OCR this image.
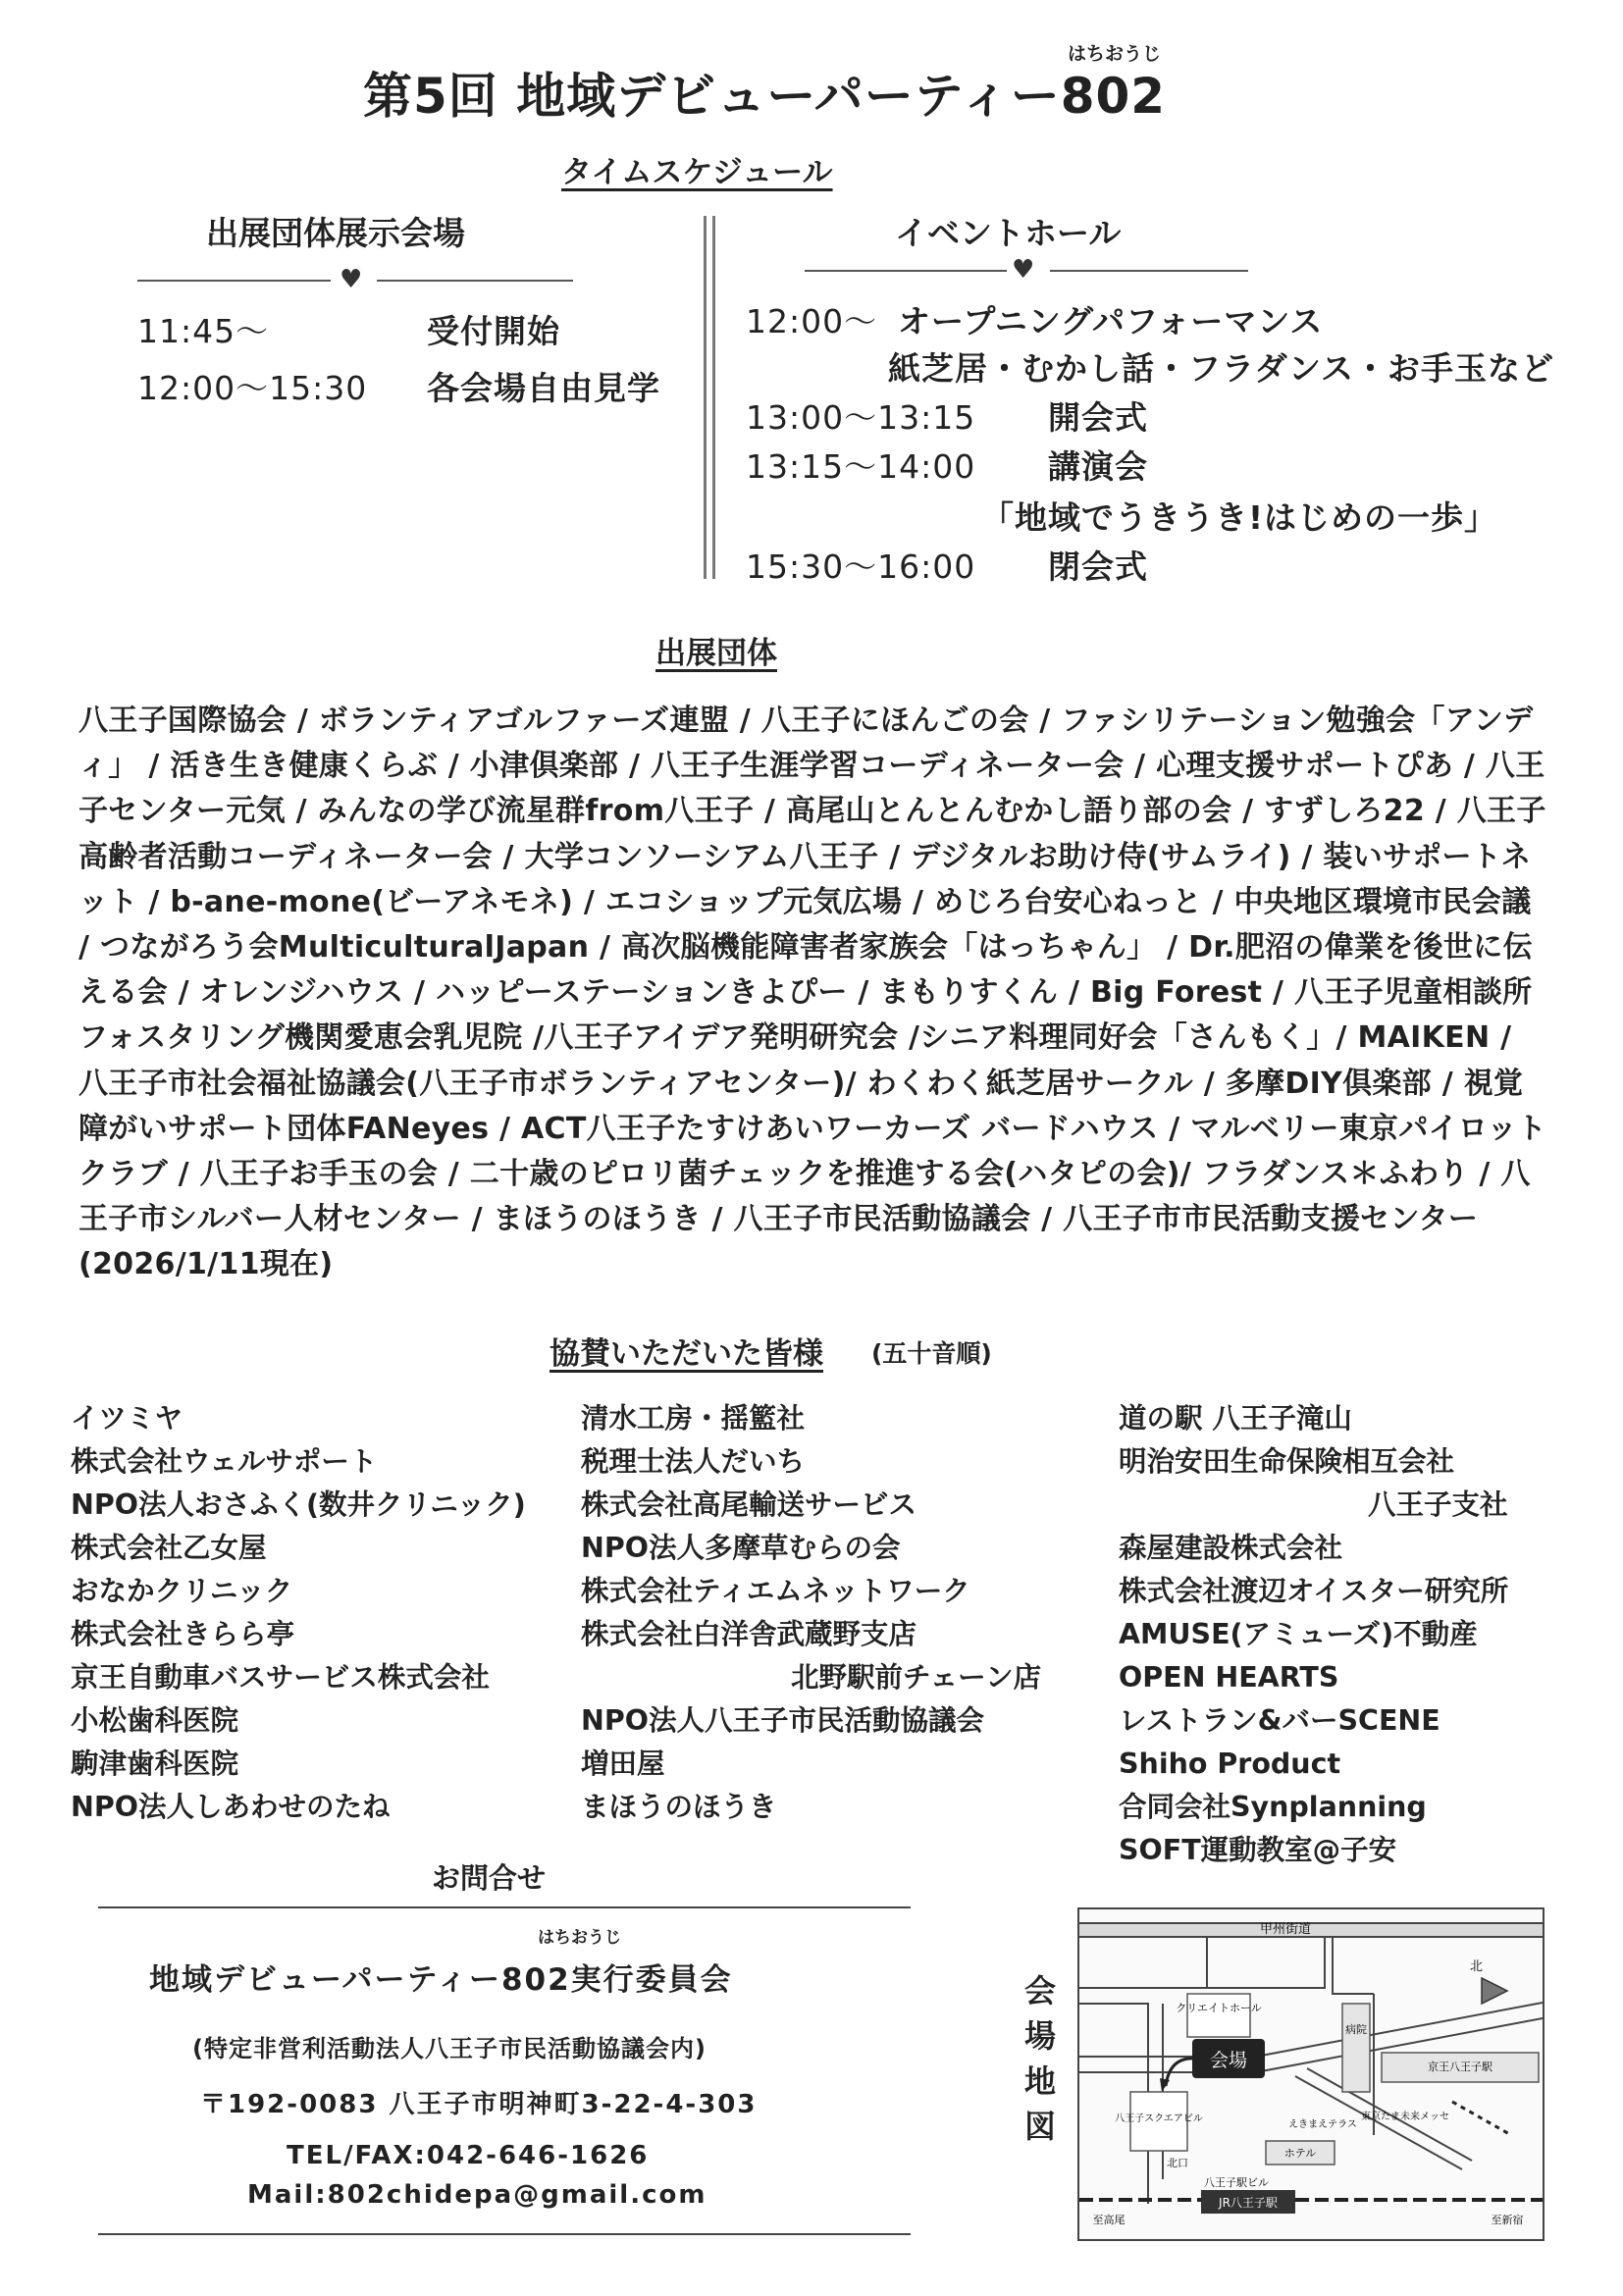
はちおうじ
第5回 地域デビューパーティー802
タイムスケジュール
出展団体展示会場
♥
11:45～	受付開始
12:00～15:30 各会場自由見学
イベントホール
♥
12:00～ オープニングパフォーマンス
紙芝居・むかし話・フラダンス・お手玉など
13:00～13:15 開会式
13:15～14:00 講演会
「地域でうきうき!はじめの一歩」
15:30～16:00 閉会式
出展団体
八王子国際協会 / ボランティアゴルファーズ連盟 / 八王子にほんごの会 / ファシリテーション勉強会「アンディ」 / 活き生き健康くらぶ / 小津倶楽部 / 八王子生涯学習コーディネーター会 / 心理支援サポートぴあ / 八王子センター元気 / みんなの学び流星群from八王子 / 高尾山とんとんむかし語り部の会 / すずしろ22 / 八王子高齢者活動コーディネーター会 / 大学コンソーシアム八王子 / デジタルお助け侍(サムライ) / 装いサポートネット / b-ane-mone(ビーアネモネ) / エコショップ元気広場 / めじろ台安心ねっと / 中央地区環境市民会議 / つながろう会MulticulturalJapan / 高次脳機能障害者家族会「はっちゃん」 / Dr.肥沼の偉業を後世に伝える会 / オレンジハウス / ハッピーステーションきよぴー / まもりすくん / Big Forest / 八王子児童相談所フォスタリング機関愛恵会乳児院 /八王子アイデア発明研究会 /シニア料理同好会「さんもく」/ MAIKEN / 八王子市社会福祉協議会(八王子市ボランティアセンター)/ わくわく紙芝居サークル / 多摩DIY倶楽部 / 視覚障がいサポート団体FANeyes / ACT八王子たすけあいワーカーズ バードハウス / マルベリー東京パイロットクラブ / 八王子お手玉の会 / 二十歳のピロリ菌チェックを推進する会(ハタピの会)/ フラダンス＊ふわり / 八王子市シルバー人材センター / まほうのほうき / 八王子市民活動協議会 / 八王子市市民活動支援センター(2026/1/11現在)
協賛いただいた皆様 (五十音順)
イツミヤ
株式会社ウェルサポート
NPO法人おさふく(数井クリニック)
株式会社乙女屋
おなかクリニック
株式会社きらら亭
京王自動車バスサービス株式会社
小松歯科医院
駒津歯科医院
NPO法人しあわせのたね
清水工房・揺籃社
税理士法人だいち
株式会社高尾輸送サービス
NPO法人多摩草むらの会
株式会社ティエムネットワーク
株式会社白洋舎武蔵野支店
北野駅前チェーン店
NPO法人八王子市民活動協議会
増田屋
まほうのほうき
道の駅 八王子滝山
明治安田生命保険相互会社
八王子支社
森屋建設株式会社
株式会社渡辺オイスター研究所
AMUSE(アミューズ)不動産
OPEN HEARTS
レストラン&バーSCENE
Shiho Product
合同会社Synplanning
SOFT運動教室@子安
お問合せ
はちおうじ
地域デビューパーティー802実行委員会
(特定非営利活動法人八王子市民活動協議会内)
〒192-0083 八王子市明神町3-22-4-303
TEL/FAX:042-646-1626
Mail:802chidepa@gmail.com
会場地図
甲州街道
北
クリエイトホール
病院
会場	京王八王子駅
八王子スクエアビル
えきまえテラス
東京たま未来メッセ
北口
八王子駅ビル
ホテル
至高尾	至新宿
JR八王子駅
